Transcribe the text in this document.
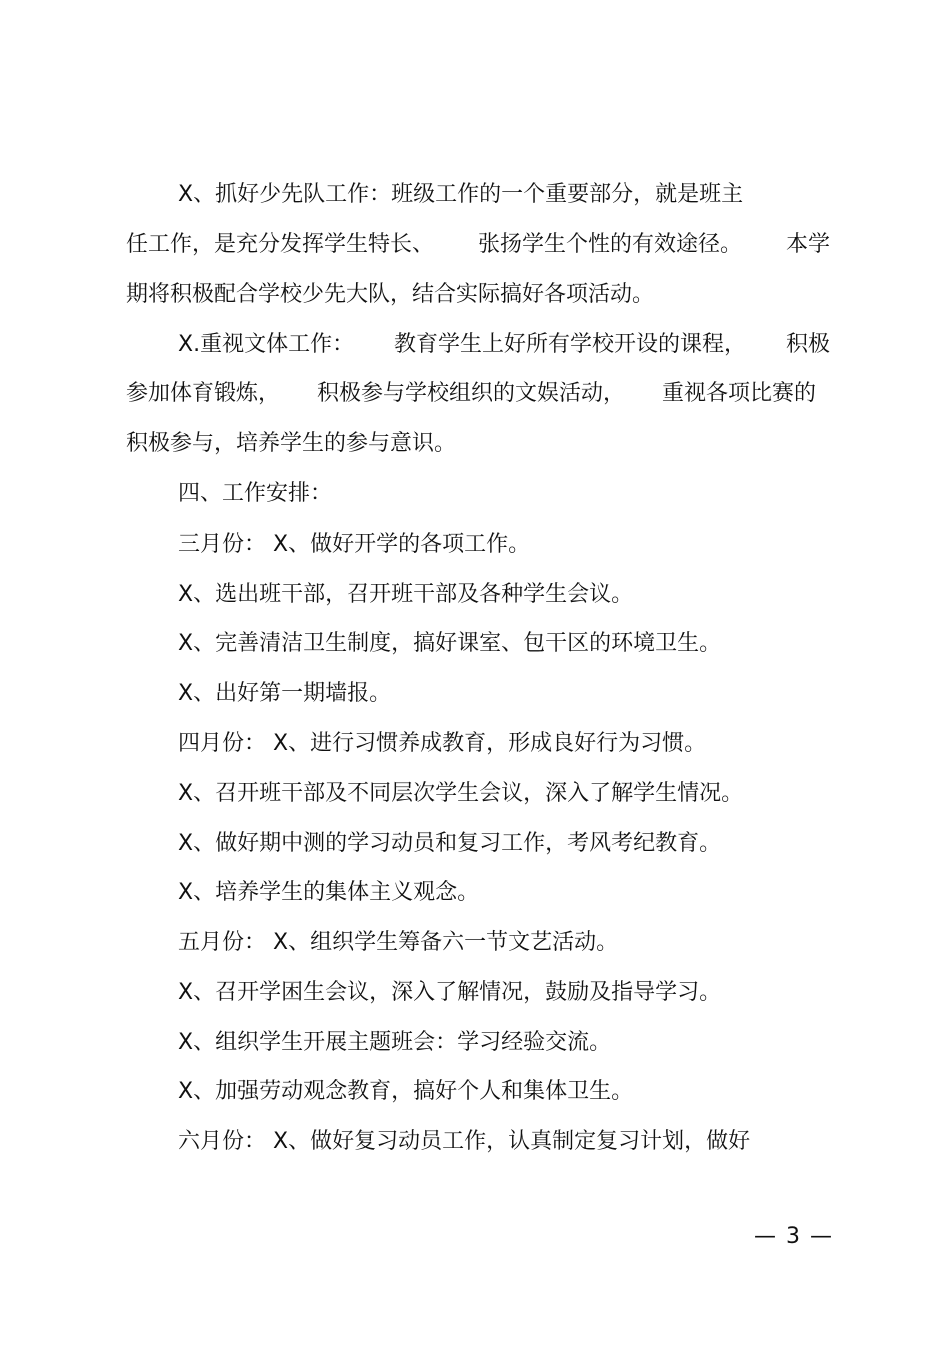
X、抓好少先队工作：班级工作的一个重要部分，就是班主
任工作，是充分发挥学生特长、 张扬学生个性的有效途径。 本学
期将积极配合学校少先大队，结合实际搞好各项活动。
X.重视文体工作： 教育学生上好所有学校开设的课程， 积极
参加体育锻炼， 积极参与学校组织的文娱活动， 重视各项比赛的
积极参与，培养学生的参与意识。
四、工作安排：
三月份： X、做好开学的各项工作。
X、选出班干部，召开班干部及各种学生会议。
X、完善清洁卫生制度，搞好课室、包干区的环境卫生。
X、出好第一期墙报。
四月份： X、进行习惯养成教育，形成良好行为习惯。
X、召开班干部及不同层次学生会议，深入了解学生情况。
X、做好期中测的学习动员和复习工作，考风考纪教育。
X、培养学生的集体主义观念。
五月份： X、组织学生筹备六一节文艺活动。
X、召开学困生会议，深入了解情况，鼓励及指导学习。
X、组织学生开展主题班会：学习经验交流。
X、加强劳动观念教育，搞好个人和集体卫生。
六月份： X、做好复习动员工作，认真制定复习计划，做好
— 3 —
